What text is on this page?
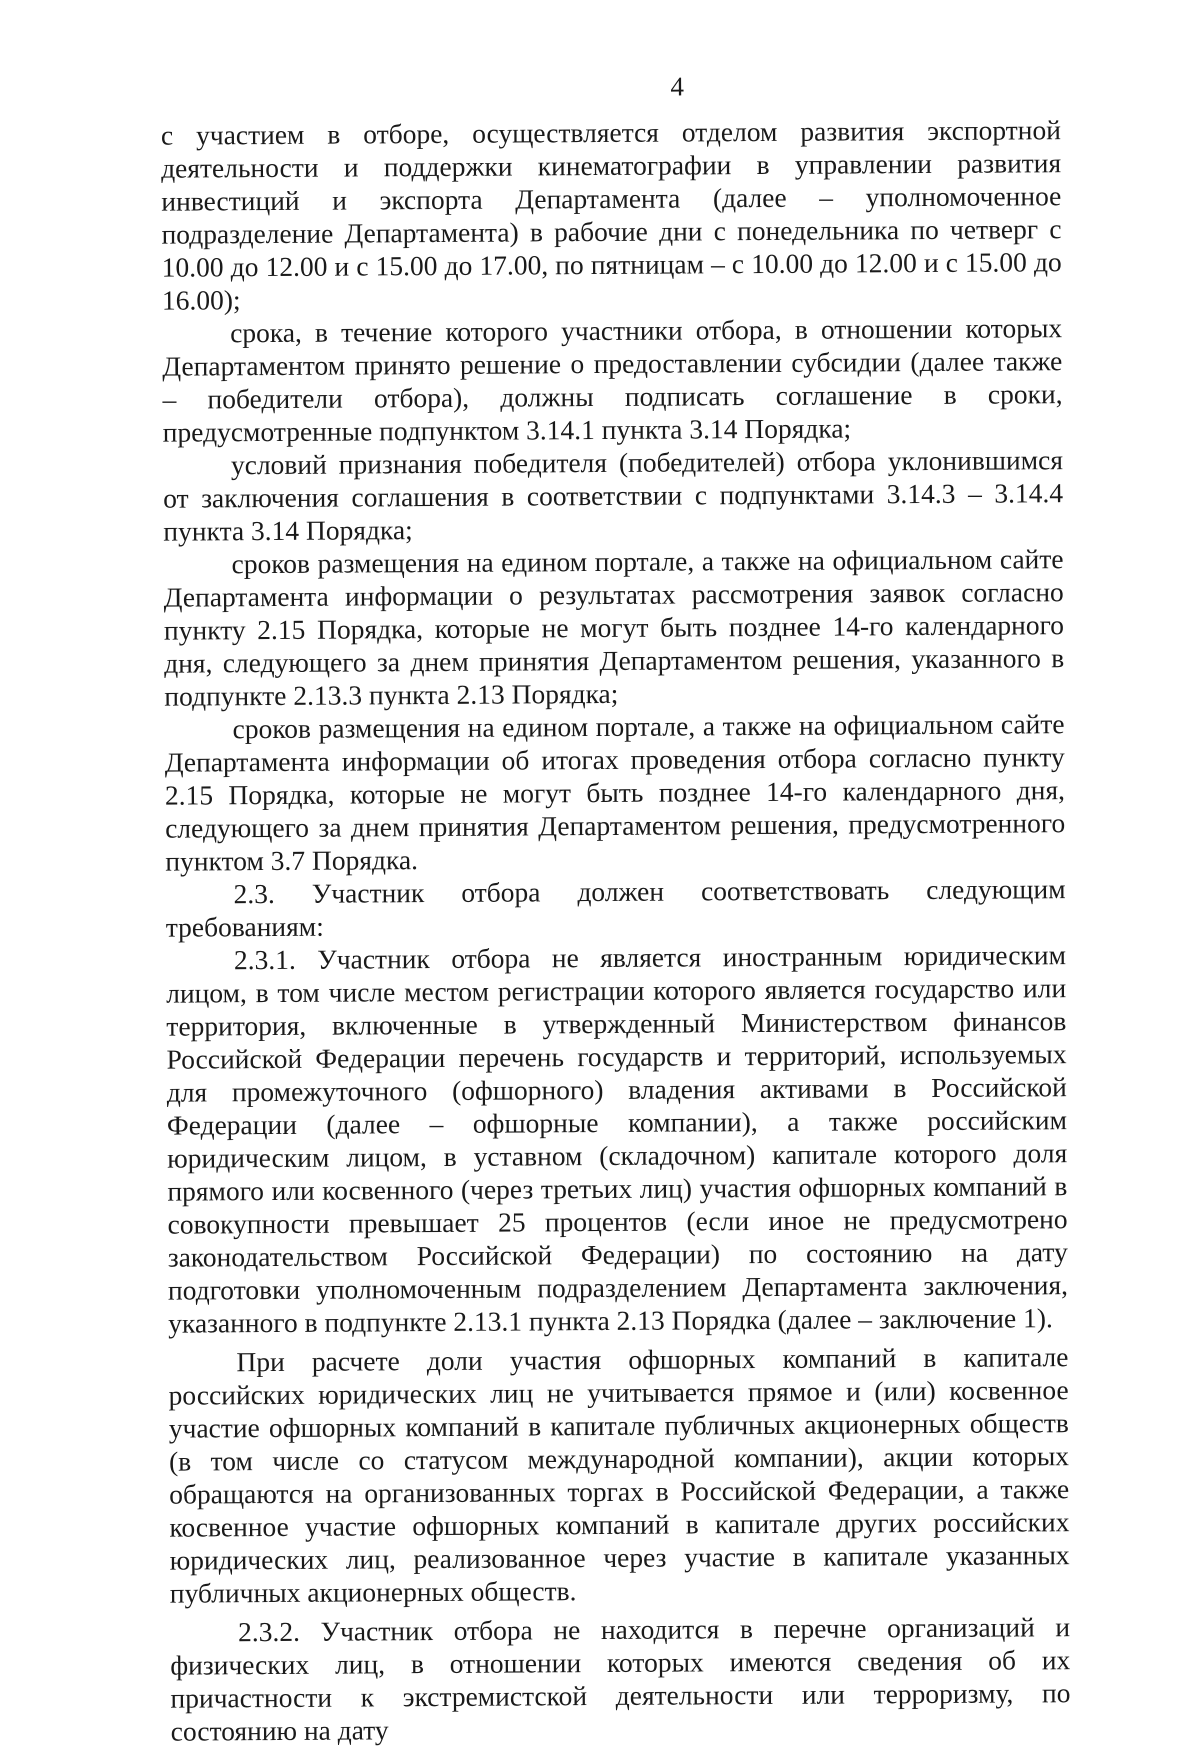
4

с участием в отборе, осуществляется отделом развития экспортной деятельности и поддержки кинематографии в управлении развития инвестиций и экспорта Департамента (далее – уполномоченное подразделение Департамента) в рабочие дни с понедельника по четверг с 10.00 до 12.00 и с 15.00 до 17.00, по пятницам – с 10.00 до 12.00 и с 15.00 до 16.00);

срока, в течение которого участники отбора, в отношении которых Департаментом принято решение о предоставлении субсидии (далее также – победители отбора), должны подписать соглашение в сроки, предусмотренные подпунктом 3.14.1 пункта 3.14 Порядка;

условий признания победителя (победителей) отбора уклонившимся от заключения соглашения в соответствии с подпунктами 3.14.3 – 3.14.4 пункта 3.14 Порядка;

сроков размещения на едином портале, а также на официальном сайте Департамента информации о результатах рассмотрения заявок согласно пункту 2.15 Порядка, которые не могут быть позднее 14-го календарного дня, следующего за днем принятия Департаментом решения, указанного в подпункте 2.13.3 пункта 2.13 Порядка;

сроков размещения на едином портале, а также на официальном сайте Департамента информации об итогах проведения отбора согласно пункту 2.15 Порядка, которые не могут быть позднее 14-го календарного дня, следующего за днем принятия Департаментом решения, предусмотренного пунктом 3.7 Порядка.

2.3. Участник отбора должен соответствовать следующим требованиям:

2.3.1. Участник отбора не является иностранным юридическим лицом, в том числе местом регистрации которого является государство или территория, включенные в утвержденный Министерством финансов Российской Федерации перечень государств и территорий, используемых для промежуточного (офшорного) владения активами в Российской Федерации (далее – офшорные компании), а также российским юридическим лицом, в уставном (складочном) капитале которого доля прямого или косвенного (через третьих лиц) участия офшорных компаний в совокупности превышает 25 процентов (если иное не предусмотрено законодательством Российской Федерации) по состоянию на дату подготовки уполномоченным подразделением Департамента заключения, указанного в подпункте 2.13.1 пункта 2.13 Порядка (далее – заключение 1).

При расчете доли участия офшорных компаний в капитале российских юридических лиц не учитывается прямое и (или) косвенное участие офшорных компаний в капитале публичных акционерных обществ (в том числе со статусом международной компании), акции которых обращаются на организованных торгах в Российской Федерации, а также косвенное участие офшорных компаний в капитале других российских юридических лиц, реализованное через участие в капитале указанных публичных акционерных обществ.

2.3.2. Участник отбора не находится в перечне организаций и физических лиц, в отношении которых имеются сведения об их причастности к экстремистской деятельности или терроризму, по состоянию на дату
